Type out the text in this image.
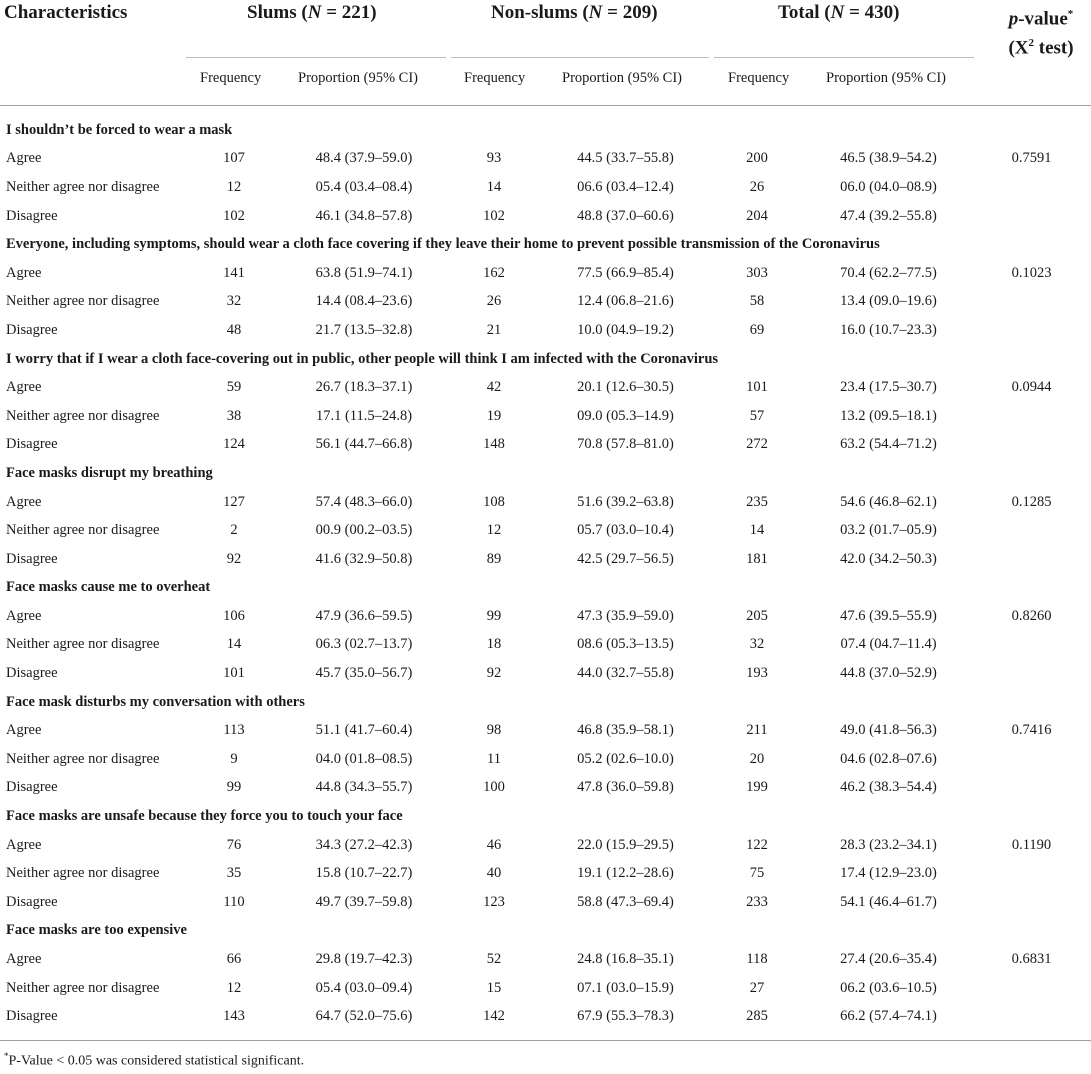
Characteristics	Slums (N = 221)	Non-slums (N = 209)	Total (N = 430)	p-value*
($X^2$ test)
Frequency	Proportion (95% CI)	Frequency	Proportion (95% CI)	Frequency	Proportion (95% CI)
I shouldn’t be forced to wear a mask							
Agree	107	48.4 (37.9–59.0)	93	44.5 (33.7–55.8)	200	46.5 (38.9–54.2)	0.7591
Neither agree nor disagree	12	05.4 (03.4–08.4)	14	06.6 (03.4–12.4)	26	06.0 (04.0–08.9)	
Disagree	102	46.1 (34.8–57.8)	102	48.8 (37.0–60.6)	204	47.4 (39.2–55.8)	
Everyone, including symptoms, should wear a cloth face covering if they leave their home to prevent possible transmission of the Coronavirus							
Agree	141	63.8 (51.9–74.1)	162	77.5 (66.9–85.4)	303	70.4 (62.2–77.5)	0.1023
Neither agree nor disagree	32	14.4 (08.4–23.6)	26	12.4 (06.8–21.6)	58	13.4 (09.0–19.6)	
Disagree	48	21.7 (13.5–32.8)	21	10.0 (04.9–19.2)	69	16.0 (10.7–23.3)	
I worry that if I wear a cloth face-covering out in public, other people will think I am infected with the Coronavirus							
Agree	59	26.7 (18.3–37.1)	42	20.1 (12.6–30.5)	101	23.4 (17.5–30.7)	0.0944
Neither agree nor disagree	38	17.1 (11.5–24.8)	19	09.0 (05.3–14.9)	57	13.2 (09.5–18.1)	
Disagree	124	56.1 (44.7–66.8)	148	70.8 (57.8–81.0)	272	63.2 (54.4–71.2)	
Face masks disrupt my breathing							
Agree	127	57.4 (48.3–66.0)	108	51.6 (39.2–63.8)	235	54.6 (46.8–62.1)	0.1285
Neither agree nor disagree	2	00.9 (00.2–03.5)	12	05.7 (03.0–10.4)	14	03.2 (01.7–05.9)	
Disagree	92	41.6 (32.9–50.8)	89	42.5 (29.7–56.5)	181	42.0 (34.2–50.3)	
Face masks cause me to overheat							
Agree	106	47.9 (36.6–59.5)	99	47.3 (35.9–59.0)	205	47.6 (39.5–55.9)	0.8260
Neither agree nor disagree	14	06.3 (02.7–13.7)	18	08.6 (05.3–13.5)	32	07.4 (04.7–11.4)	
Disagree	101	45.7 (35.0–56.7)	92	44.0 (32.7–55.8)	193	44.8 (37.0–52.9)	
Face mask disturbs my conversation with others							
Agree	113	51.1 (41.7–60.4)	98	46.8 (35.9–58.1)	211	49.0 (41.8–56.3)	0.7416
Neither agree nor disagree	9	04.0 (01.8–08.5)	11	05.2 (02.6–10.0)	20	04.6 (02.8–07.6)	
Disagree	99	44.8 (34.3–55.7)	100	47.8 (36.0–59.8)	199	46.2 (38.3–54.4)	
Face masks are unsafe because they force you to touch your face							
Agree	76	34.3 (27.2–42.3)	46	22.0 (15.9–29.5)	122	28.3 (23.2–34.1)	0.1190
Neither agree nor disagree	35	15.8 (10.7–22.7)	40	19.1 (12.2–28.6)	75	17.4 (12.9–23.0)	
Disagree	110	49.7 (39.7–59.8)	123	58.8 (47.3–69.4)	233	54.1 (46.4–61.7)	
Face masks are too expensive							
Agree	66	29.8 (19.7–42.3)	52	24.8 (16.8–35.1)	118	27.4 (20.6–35.4)	0.6831
Neither agree nor disagree	12	05.4 (03.0–09.4)	15	07.1 (03.0–15.9)	27	06.2 (03.6–10.5)	
Disagree	143	64.7 (52.0–75.6)	142	67.9 (55.3–78.3)	285	66.2 (57.4–74.1)	
*P-Value < 0.05 was considered statistical significant.
